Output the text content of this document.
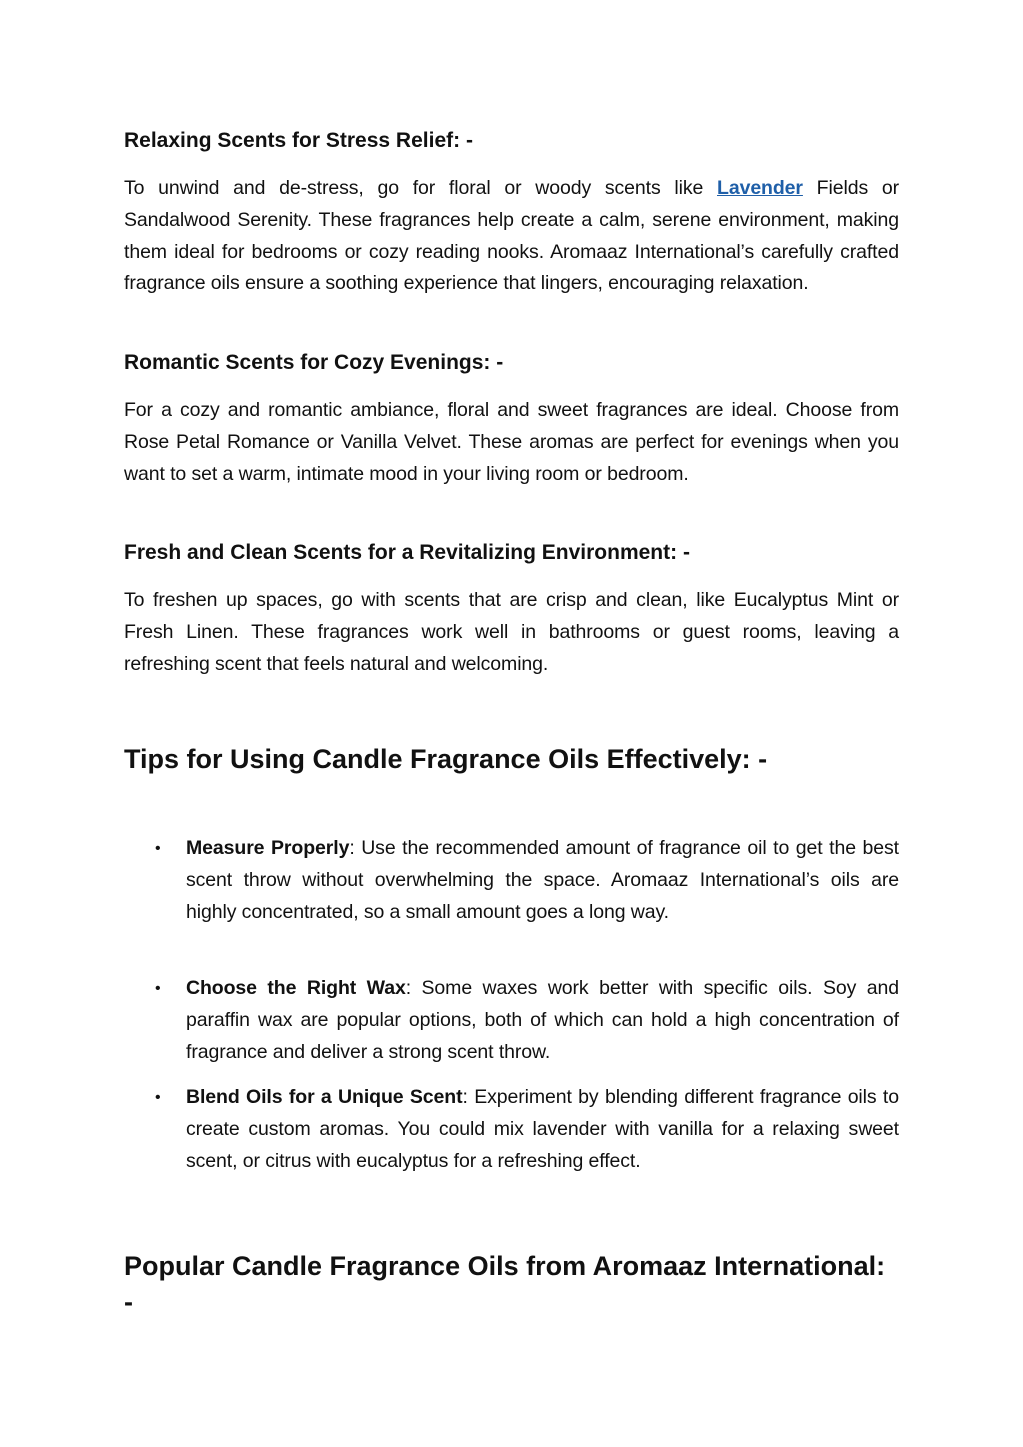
Relaxing Scents for Stress Relief: -

To unwind and de-stress, go for floral or woody scents like Lavender Fields or Sandalwood Serenity. These fragrances help create a calm, serene environment, making them ideal for bedrooms or cozy reading nooks. Aromaaz International’s carefully crafted fragrance oils ensure a soothing experience that lingers, encouraging relaxation.

Romantic Scents for Cozy Evenings: -

For a cozy and romantic ambiance, floral and sweet fragrances are ideal. Choose from Rose Petal Romance or Vanilla Velvet. These aromas are perfect for evenings when you want to set a warm, intimate mood in your living room or bedroom.

Fresh and Clean Scents for a Revitalizing Environment: -

To freshen up spaces, go with scents that are crisp and clean, like Eucalyptus Mint or Fresh Linen. These fragrances work well in bathrooms or guest rooms, leaving a refreshing scent that feels natural and welcoming.

Tips for Using Candle Fragrance Oils Effectively: -
• Measure Properly: Use the recommended amount of fragrance oil to get the best scent throw without overwhelming the space. Aromaaz International’s oils are highly concentrated, so a small amount goes a long way.
• Choose the Right Wax: Some waxes work better with specific oils. Soy and paraffin wax are popular options, both of which can hold a high concentration of fragrance and deliver a strong scent throw.
• Blend Oils for a Unique Scent: Experiment by blending different fragrance oils to create custom aromas. You could mix lavender with vanilla for a relaxing sweet scent, or citrus with eucalyptus for a refreshing effect.
Popular Candle Fragrance Oils from Aromaaz International: -
